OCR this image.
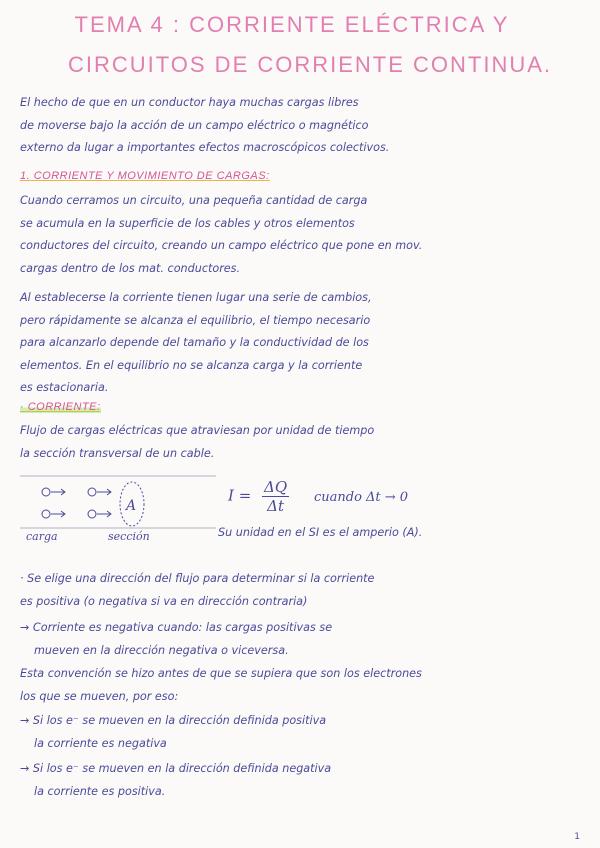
TEMA 4 : CORRIENTE ELÉCTRICA Y
CIRCUITOS DE CORRIENTE CONTINUA.
El hecho de que en un conductor haya muchas cargas libres
de moverse bajo la acción de un campo eléctrico o magnético
externo da lugar a importantes efectos macroscópicos colectivos.
1. CORRIENTE Y MOVIMIENTO DE CARGAS:
Cuando cerramos un circuito, una pequeña cantidad de carga
se acumula en la superficie de los cables y otros elementos
conductores del circuito, creando un campo eléctrico que pone en mov.
cargas dentro de los mat. conductores.
Al establecerse la corriente tienen lugar una serie de cambios,
pero rápidamente se alcanza el equilibrio, el tiempo necesario
para alcanzarlo depende del tamaño y la conductividad de los
elementos. En el equilibrio no se alcanza carga y la corriente
es estacionaria.
· CORRIENTE:
Flujo de cargas eléctricas que atraviesan por unidad de tiempo
la sección transversal de un cable.
A
carga	sección
$I = \frac{\Delta Q}{\Delta t}$ cuando Δt → 0
Su unidad en el SI es el amperio (A).
· Se elige una dirección del flujo para determinar si la corriente
es positiva (o negativa si va en dirección contraria)
→ Corriente es negativa cuando: las cargas positivas se
mueven en la dirección negativa o viceversa.
Esta convención se hizo antes de que se supiera que son los electrones
los que se mueven, por eso:
→ Si los e⁻ se mueven en la dirección definida positiva
la corriente es negativa
→ Si los e⁻ se mueven en la dirección definida negativa
la corriente es positiva.
1
